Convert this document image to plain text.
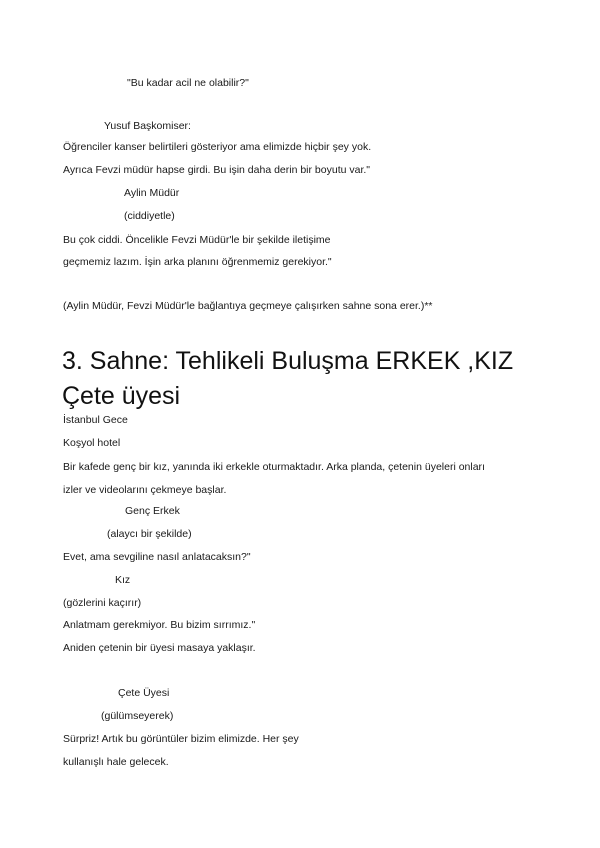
"Bu kadar acil ne olabilir?"
Yusuf Başkomiser:
Öğrenciler kanser belirtileri gösteriyor ama elimizde hiçbir şey yok.
Ayrıca Fevzi müdür hapse girdi. Bu işin daha derin bir boyutu var."
Aylin Müdür
(ciddiyetle)
Bu çok ciddi. Öncelikle Fevzi Müdür'le bir şekilde iletişime
geçmemiz lazım. İşin arka planını öğrenmemiz gerekiyor."
(Aylin Müdür, Fevzi Müdür'le bağlantıya geçmeye çalışırken sahne sona erer.)**
3. Sahne: Tehlikeli Buluşma ERKEK ,KIZ
Çete üyesi
İstanbul Gece
Koşyol hotel
Bir kafede genç bir kız, yanında iki erkekle oturmaktadır. Arka planda, çetenin üyeleri onları
izler ve videolarını çekmeye başlar.
Genç Erkek
(alaycı bir şekilde)
Evet, ama sevgiline nasıl anlatacaksın?"
Kız
(gözlerini kaçırır)
Anlatmam gerekmiyor. Bu bizim sırrımız."
Aniden çetenin bir üyesi masaya yaklaşır.
Çete Üyesi
(gülümseyerek)
Sürpriz! Artık bu görüntüler bizim elimizde. Her şey
kullanışlı hale gelecek.
